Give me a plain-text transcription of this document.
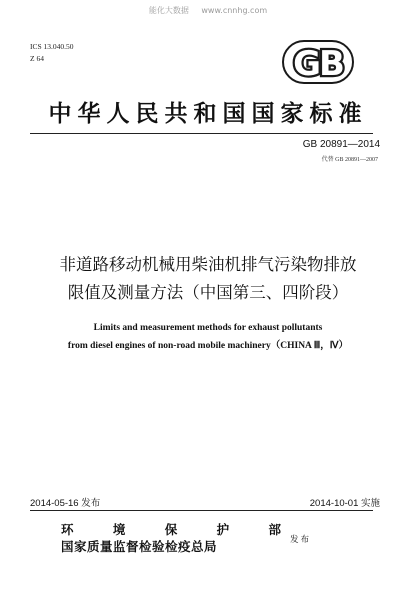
能化大数据 www.cnnhg.com
ICS 13.040.50
Z 64	GB
中华人民共和国国家标准
GB 20891—2014
代替 GB 20891—2007
非道路移动机械用柴油机排气污染物排放
限值及测量方法（中国第三、四阶段）
Limits and measurement methods for exhaust pollutants
from diesel engines of non-road mobile machinery（CHINA Ⅲ，Ⅳ）
2014-05-16 发布	2014-10-01 实施
环	境	保	护	部
国家质量监督检验检疫总局	发布
